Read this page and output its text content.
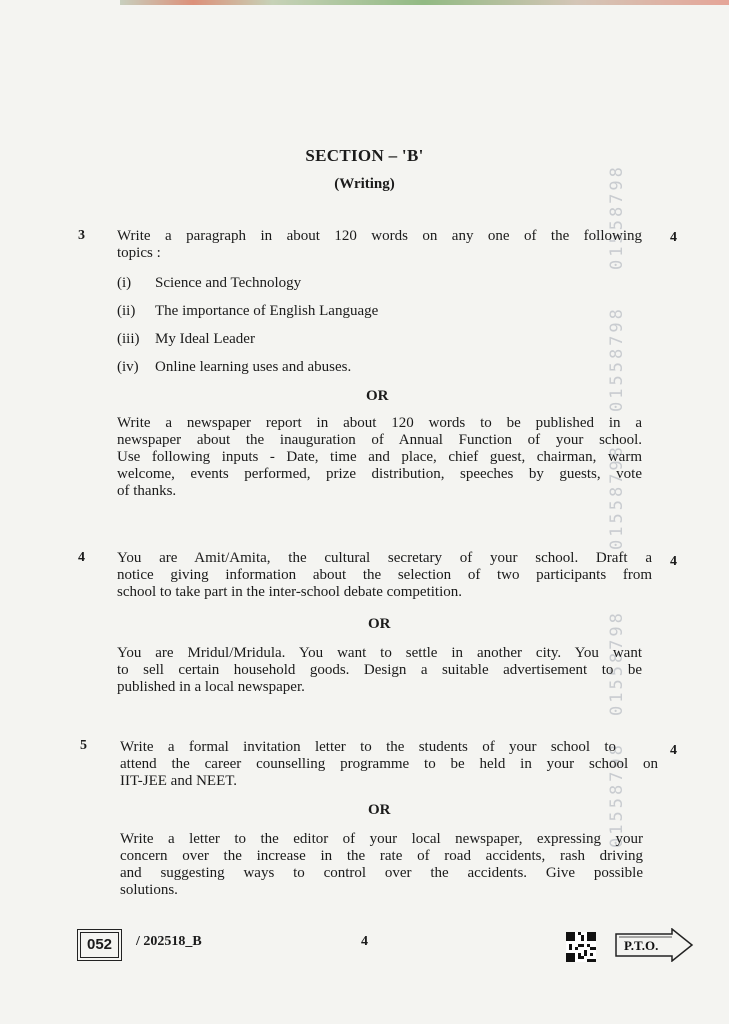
01558798
01558798
01558798
01558798
01558798
SECTION – 'B'
(Writing)
3	4
Write a paragraph in about 120 words on any one of the following
topics :
(i) Science and Technology
(ii) The importance of English Language
(iii) My Ideal Leader
(iv) Online learning uses and abuses.
OR
Write a newspaper report in about 120 words to be published in a
newspaper about the inauguration of Annual Function of your school.
Use following inputs - Date, time and place, chief guest, chairman, warm
welcome, events performed, prize distribution, speeches by guests, vote
of thanks.
4	4
You are Amit/Amita, the cultural secretary of your school. Draft a
notice giving information about the selection of two participants from
school to take part in the inter-school debate competition.
OR
You are Mridul/Mridula. You want to settle in another city. You want
to sell certain household goods. Design a suitable advertisement to be
published in a local newspaper.
5	4
Write a formal invitation letter to the students of your school to
attend the career counselling programme to be held in your school on
IIT-JEE and NEET.
OR
Write a letter to the editor of your local newspaper, expressing your
concern over the increase in the rate of road accidents, rash driving
and suggesting ways to control over the accidents. Give possible
solutions.
052	/ 202518_B	4	P.T.O.
